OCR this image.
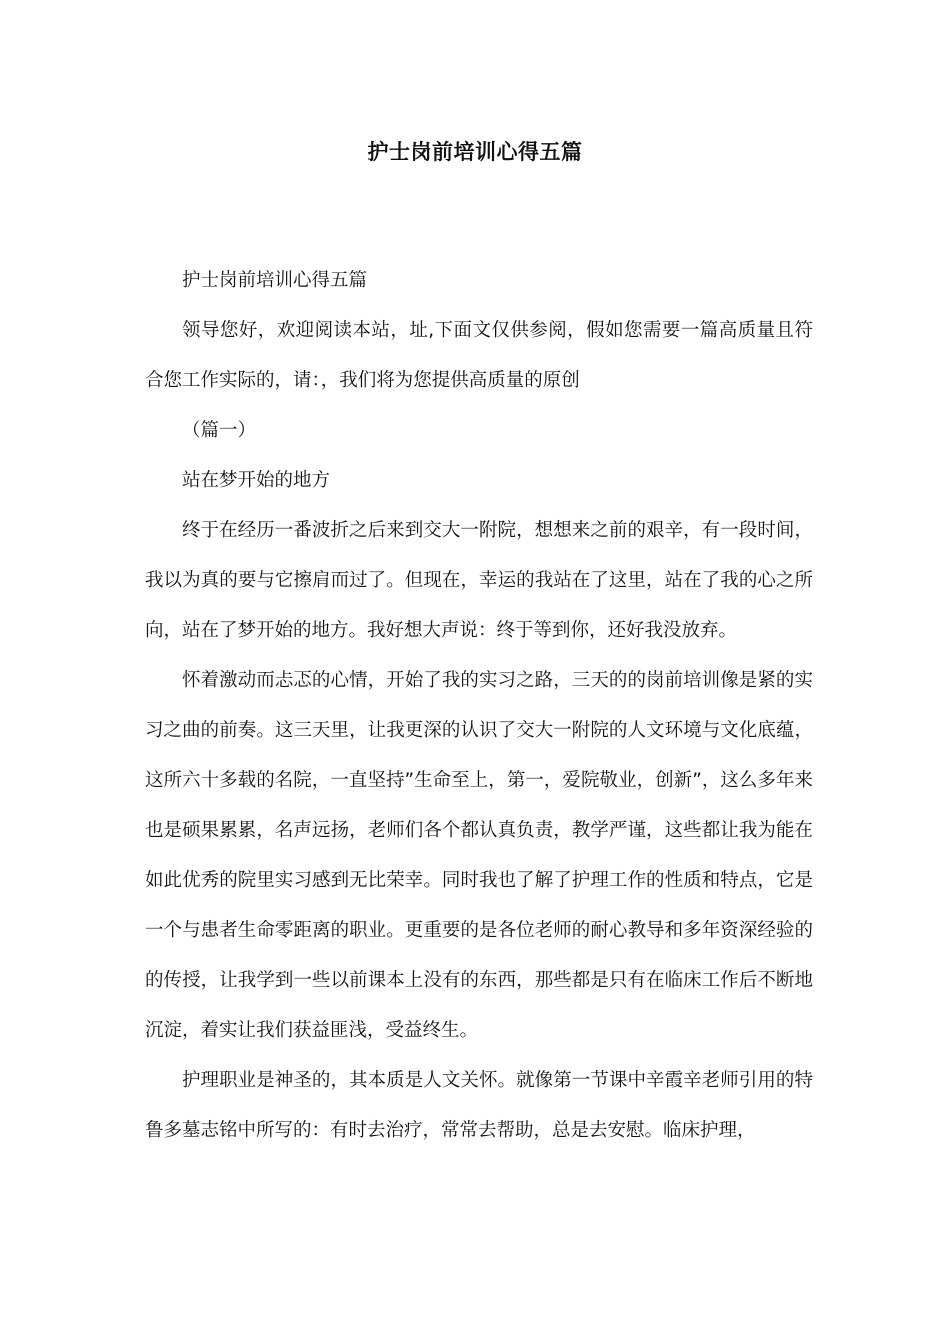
护士岗前培训心得五篇

护士岗前培训心得五篇

领导您好，欢迎阅读本站，址,下面文仅供参阅，假如您需要一篇高质量且符合您工作实际的，请：，我们将为您提供高质量的原创

（篇一）

站在梦开始的地方

终于在经历一番波折之后来到交大一附院，想想来之前的艰辛，有一段时间，我以为真的要与它擦肩而过了。但现在，幸运的我站在了这里，站在了我的心之所向，站在了梦开始的地方。我好想大声说：终于等到你，还好我没放弃。

怀着激动而忐忑的心情，开始了我的实习之路，三天的的岗前培训像是紧的实习之曲的前奏。这三天里，让我更深的认识了交大一附院的人文环境与文化底蕴，这所六十多载的名院，一直坚持”生命至上，第一，爱院敬业，创新”，这么多年来也是硕果累累，名声远扬，老师们各个都认真负责，教学严谨，这些都让我为能在如此优秀的院里实习感到无比荣幸。同时我也了解了护理工作的性质和特点，它是一个与患者生命零距离的职业。更重要的是各位老师的耐心教导和多年资深经验的的传授，让我学到一些以前课本上没有的东西，那些都是只有在临床工作后不断地沉淀，着实让我们获益匪浅，受益终生。

护理职业是神圣的，其本质是人文关怀。就像第一节课中辛霞辛老师引用的特鲁多墓志铭中所写的：有时去治疗，常常去帮助，总是去安慰。临床护理，
